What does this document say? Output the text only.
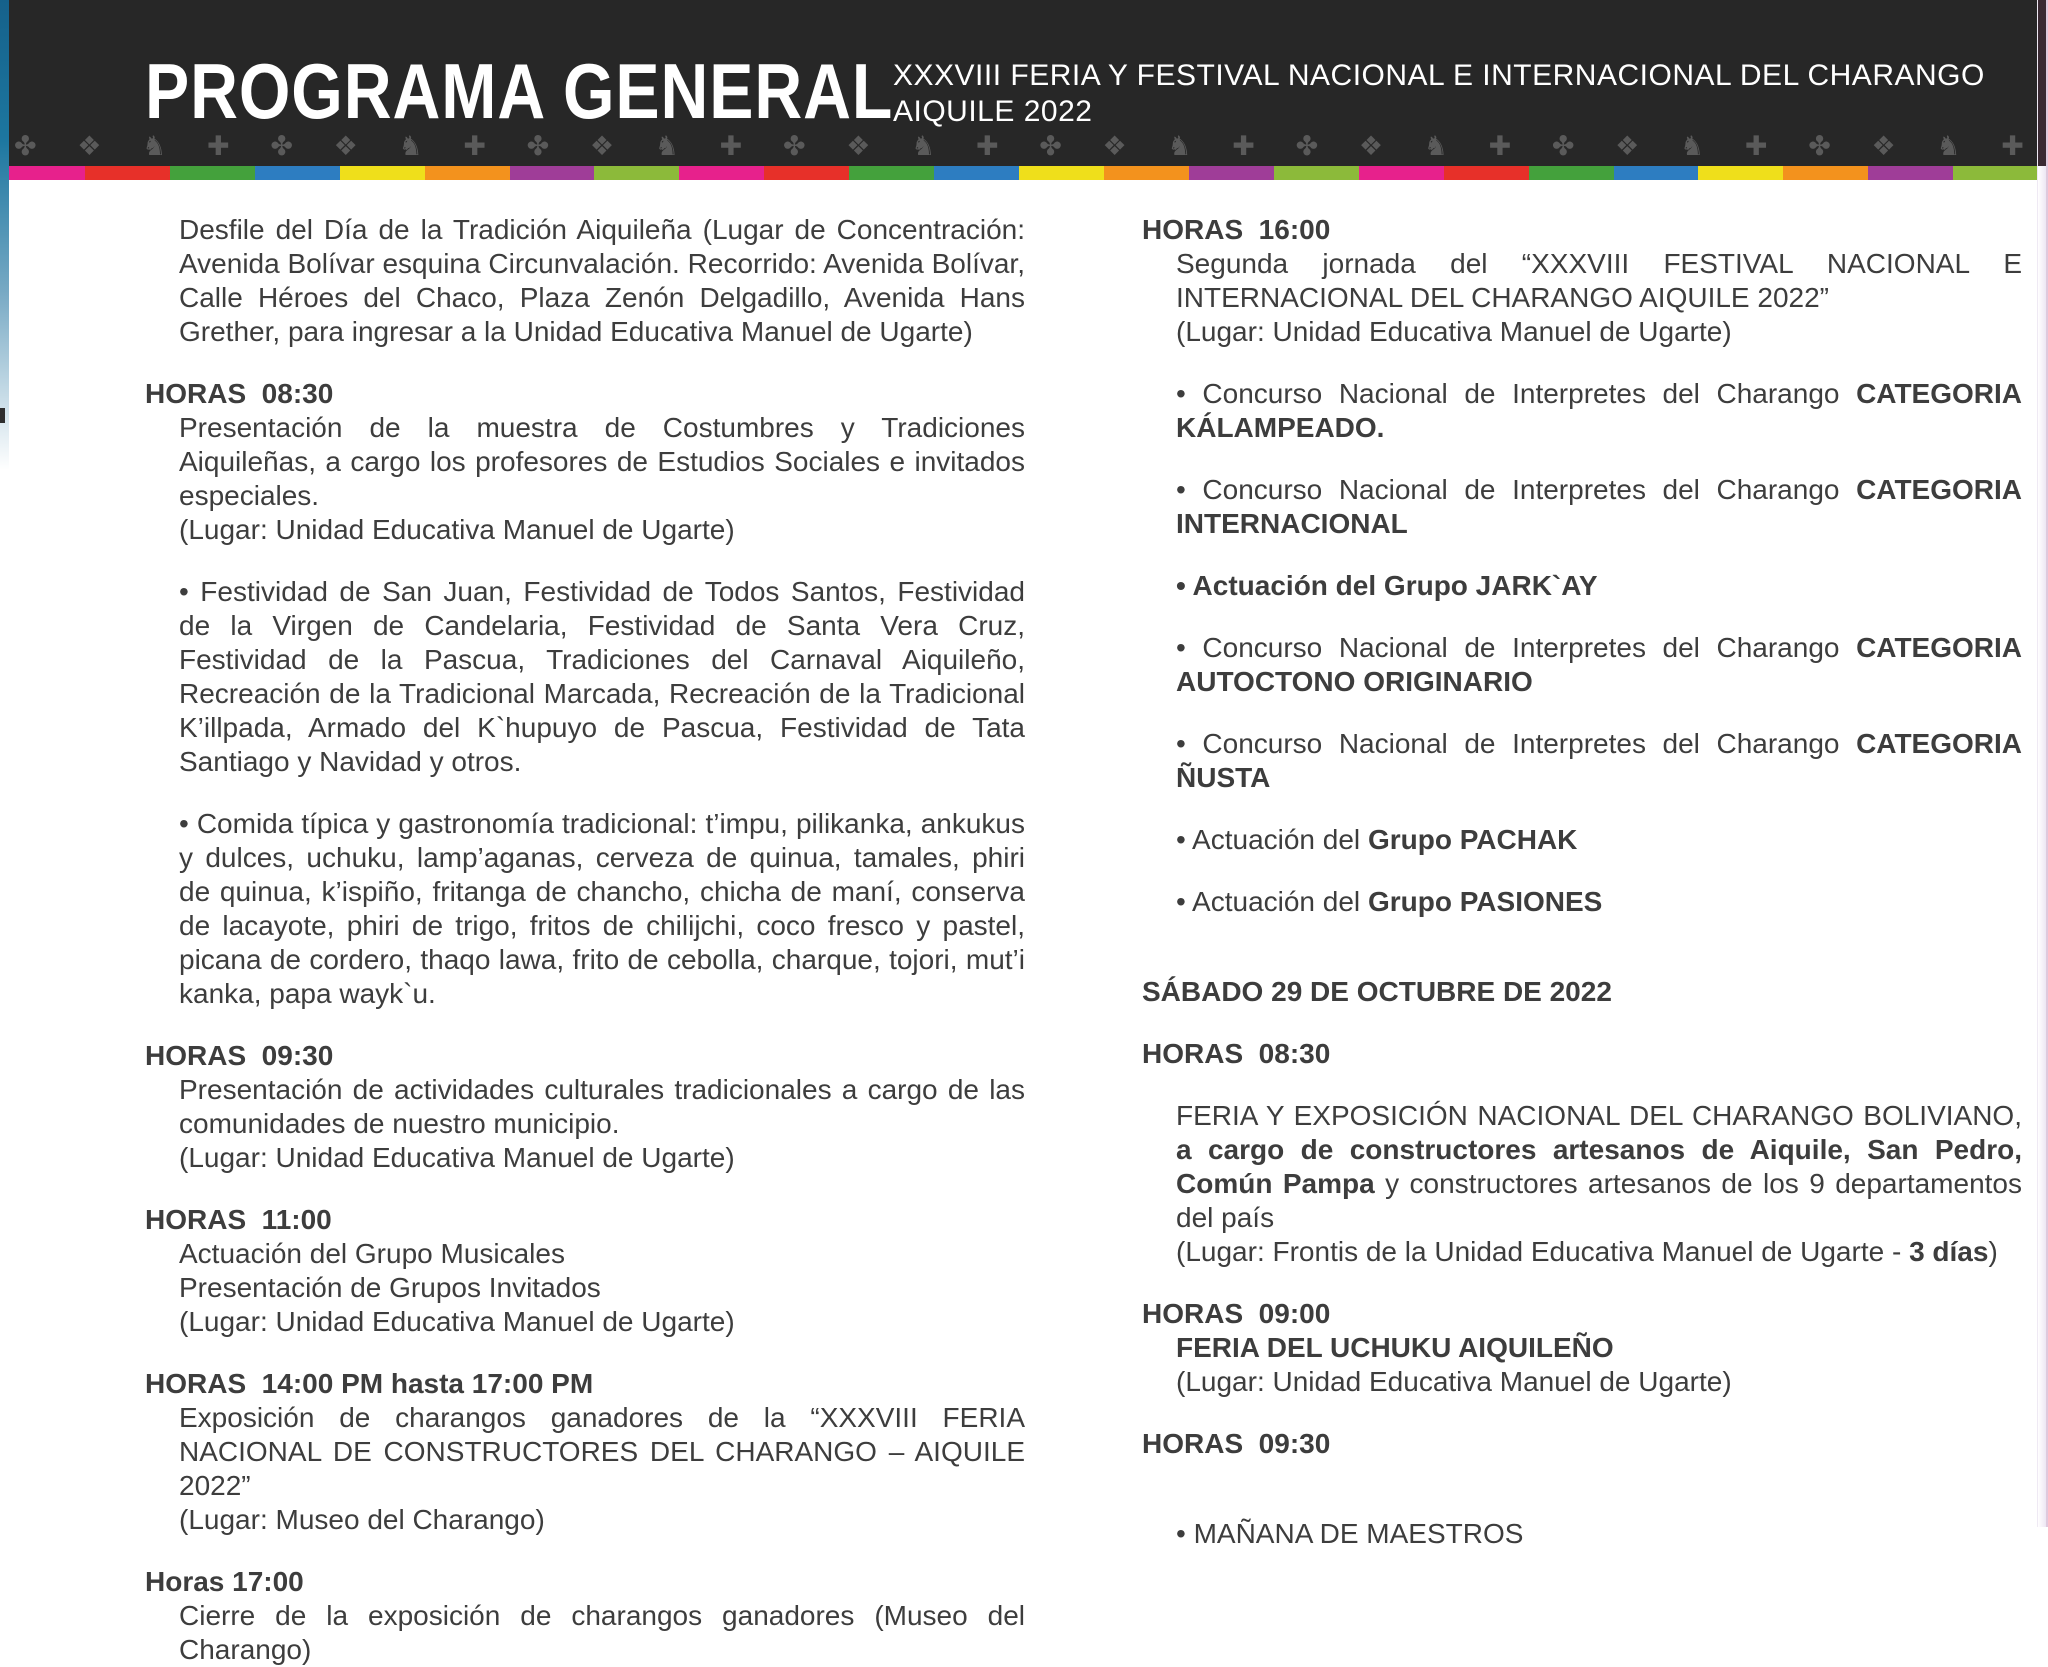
PROGRAMA GENERAL XXXVIII FERIA Y FESTIVAL NACIONAL E INTERNACIONAL DEL CHARANGO
AIQUILE 2022
✤ ❖ ♞ ✚ ✤ ❖ ♞ ✚ ✤ ❖ ♞ ✚ ✤ ❖ ♞ ✚ ✤ ❖ ♞ ✚ ✤ ❖ ♞ ✚ ✤ ❖ ♞ ✚ ✤ ❖ ♞ ✚

Desfile del Día de la Tradición Aiquileña (Lugar de Concentración: Avenida Bolívar esquina Circunvalación. Recorrido: Avenida Bolívar, Calle Héroes del Chaco, Plaza Zenón Delgadillo, Avenida Hans Grether, para ingresar a la Unidad Educativa Manuel de Ugarte)

HORAS  08:30

Presentación de la muestra de Costumbres y Tradiciones Aiquileñas, a cargo los profesores de Estudios Sociales e invitados especiales.

(Lugar: Unidad Educativa Manuel de Ugarte)

• Festividad de San Juan, Festividad de Todos Santos, Festividad de la Virgen de Candelaria, Festividad de Santa Vera Cruz, Festividad de la Pascua, Tradiciones del Carnaval Aiquileño, Recreación de la Tradicional Marcada, Recreación de la Tradicional K’illpada, Armado del K`hupuyo de Pascua, Festividad de Tata Santiago y Navidad y otros.

• Comida típica y gastronomía tradicional: t’impu, pilikanka, ankukus y dulces, uchuku, lamp’aganas, cerveza de quinua, tamales, phiri de quinua, k’ispiño, fritanga de chancho, chicha de maní, conserva de lacayote, phiri de trigo, fritos de chilijchi, coco fresco y pastel, picana de cordero, thaqo lawa, frito de cebolla, charque, tojori, mut’i kanka, papa wayk`u.

HORAS  09:30

Presentación de actividades culturales tradicionales a cargo de las comunidades de nuestro municipio.

(Lugar: Unidad Educativa Manuel de Ugarte)

HORAS  11:00

Actuación del Grupo Musicales

Presentación de Grupos Invitados

(Lugar: Unidad Educativa Manuel de Ugarte)

HORAS  14:00 PM hasta 17:00 PM

Exposición de charangos ganadores de la “XXXVIII FERIA NACIONAL DE CONSTRUCTORES DEL CHARANGO – AIQUILE 2022”

(Lugar: Museo del Charango)

Horas 17:00

Cierre de la exposición de charangos ganadores (Museo del Charango)

HORAS  16:00

Segunda jornada del “XXXVIII FESTIVAL NACIONAL E INTERNACIONAL DEL CHARANGO AIQUILE 2022”

(Lugar: Unidad Educativa Manuel de Ugarte)

• Concurso Nacional de Interpretes del Charango CATEGORIA KÁLAMPEADO.

• Concurso Nacional de Interpretes del Charango CATEGORIA INTERNACIONAL

• Actuación del Grupo JARK`AY

• Concurso Nacional de Interpretes del Charango CATEGORIA AUTOCTONO ORIGINARIO

• Concurso Nacional de Interpretes del Charango CATEGORIA ÑUSTA

• Actuación del Grupo PACHAK

• Actuación del Grupo PASIONES

SÁBADO 29 DE OCTUBRE DE 2022

HORAS  08:30

FERIA Y EXPOSICIÓN NACIONAL DEL CHARANGO BOLIVIANO, a cargo de constructores artesanos de Aiquile, San Pedro, Común Pampa y constructores artesanos de los 9 departamentos del país

(Lugar: Frontis de la Unidad Educativa Manuel de Ugarte - 3 días)

HORAS  09:00

FERIA DEL UCHUKU AIQUILEÑO

(Lugar: Unidad Educativa Manuel de Ugarte)

HORAS  09:30

• MAÑANA DE MAESTROS
